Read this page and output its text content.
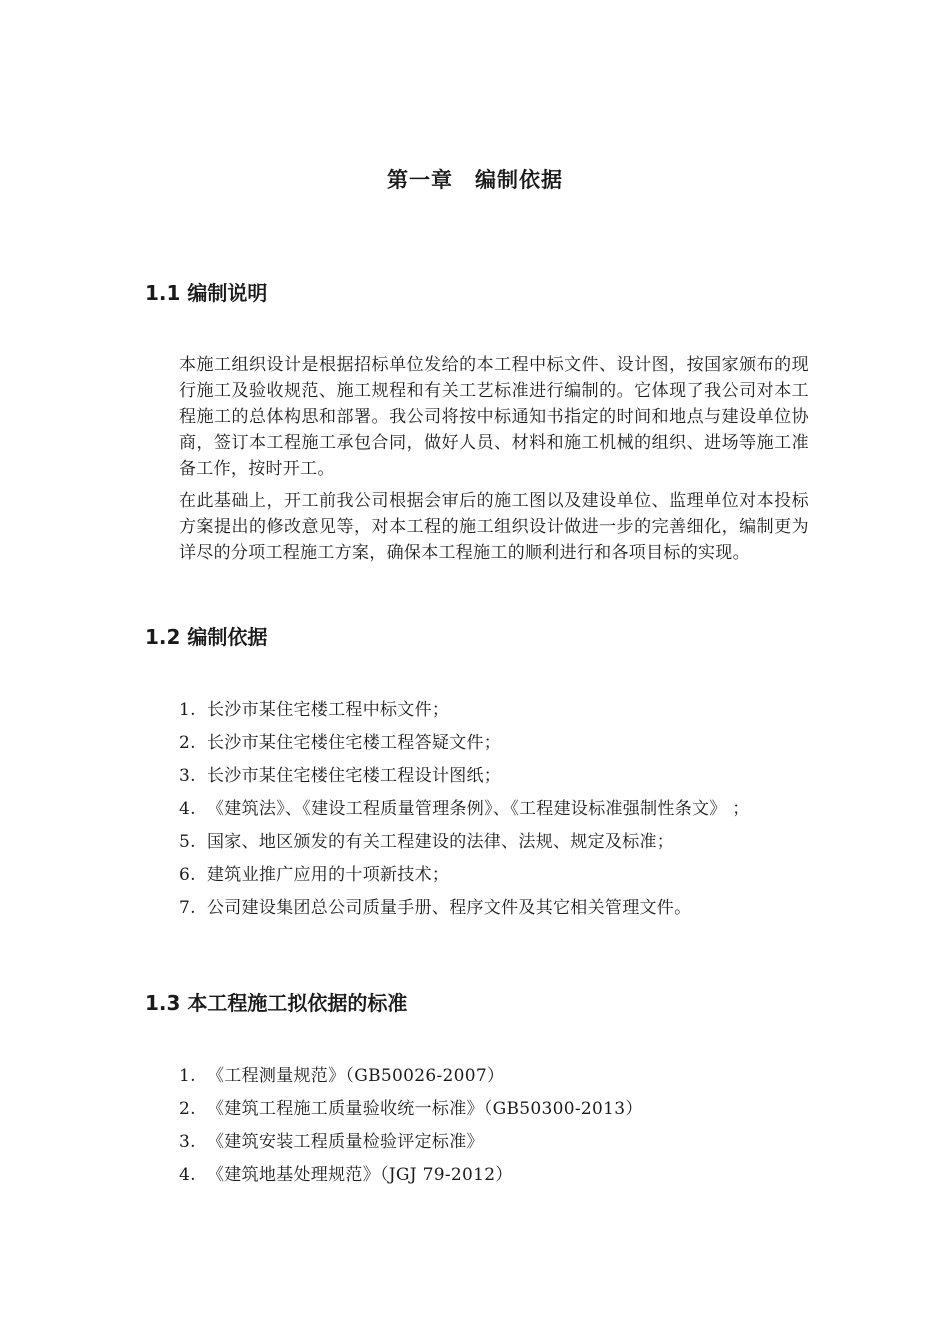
第一章　编制依据
1.1 编制说明

本施工组织设计是根据招标单位发给的本工程中标文件、设计图，按国家颁布的现行施工及验收规范、施工规程和有关工艺标准进行编制的。它体现了我公司对本工程施工的总体构思和部署。我公司将按中标通知书指定的时间和地点与建设单位协商，签订本工程施工承包合同，做好人员、材料和施工机械的组织、进场等施工准备工作，按时开工。

在此基础上，开工前我公司根据会审后的施工图以及建设单位、监理单位对本投标方案提出的修改意见等，对本工程的施工组织设计做进一步的完善细化，编制更为详尽的分项工程施工方案，确保本工程施工的顺利进行和各项目标的实现。

1.2 编制依据
1. 长沙市某住宅楼工程中标文件；
2. 长沙市某住宅楼住宅楼工程答疑文件；
3. 长沙市某住宅楼住宅楼工程设计图纸；
4. 《建筑法》、《建设工程质量管理条例》、《工程建设标准强制性条文》 ；
5. 国家、地区颁发的有关工程建设的法律、法规、规定及标准；
6. 建筑业推广应用的十项新技术；
7. 公司建设集团总公司质量手册、程序文件及其它相关管理文件。
1.3 本工程施工拟依据的标准
1. 《工程测量规范》（GB50026-2007）
2. 《建筑工程施工质量验收统一标准》（GB50300-2013）
3. 《建筑安装工程质量检验评定标准》
4. 《建筑地基处理规范》（JGJ 79-2012）
